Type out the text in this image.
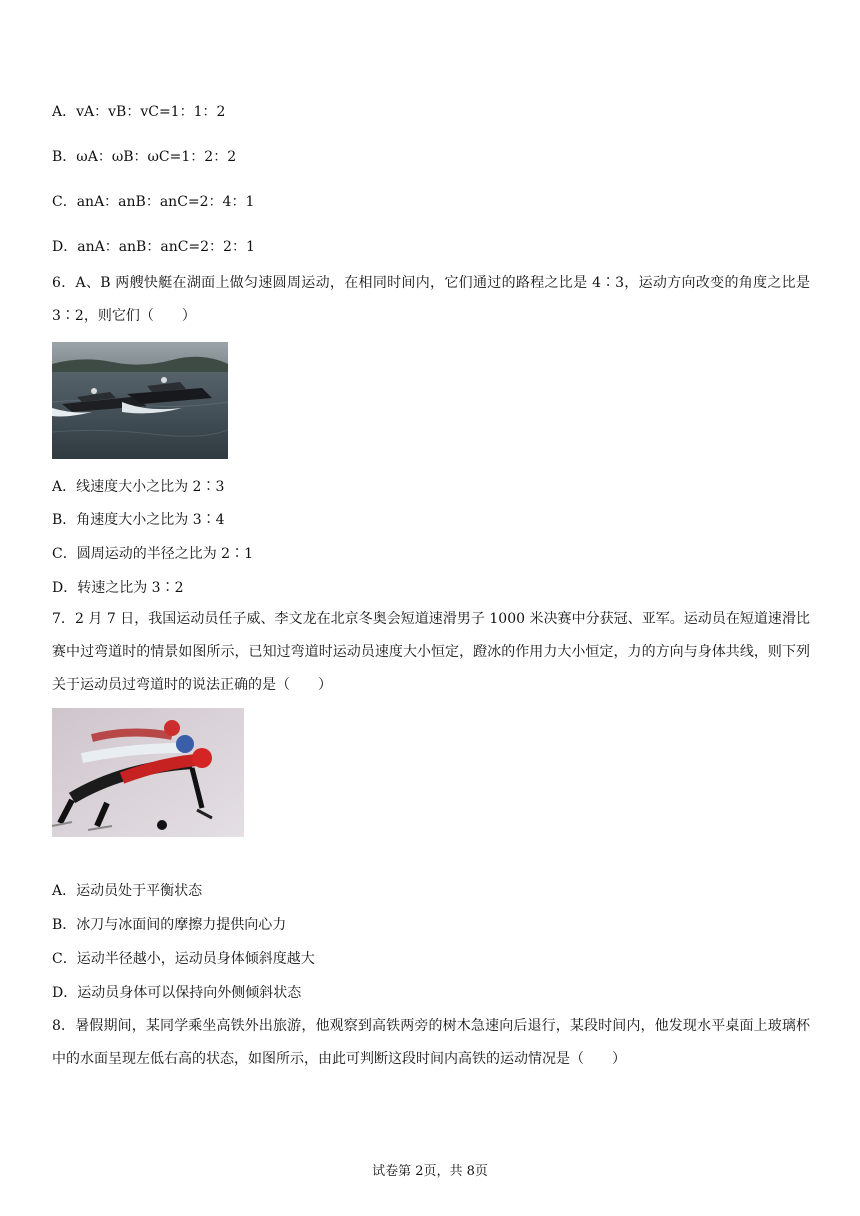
A．vA：vB：vC=1：1：2
B．ωA：ωB：ωC=1：2：2
C．anA：anB：anC=2：4：1
D．anA：anB：anC=2：2：1
6．A、B 两艘快艇在湖面上做匀速圆周运动，在相同时间内，它们通过的路程之比是 4∶3，运动方向改变的角度之比是 3∶2，则它们（　　）
A．线速度大小之比为 2∶3
B．角速度大小之比为 3∶4
C．圆周运动的半径之比为 2∶1
D．转速之比为 3∶2
7．2 月 7 日，我国运动员任子威、李文龙在北京冬奥会短道速滑男子 1000 米决赛中分获冠、亚军。运动员在短道速滑比赛中过弯道时的情景如图所示，已知过弯道时运动员速度大小恒定，蹬冰的作用力大小恒定，力的方向与身体共线，则下列关于运动员过弯道时的说法正确的是（　　）
A．运动员处于平衡状态
B．冰刀与冰面间的摩擦力提供向心力
C．运动半径越小，运动员身体倾斜度越大
D．运动员身体可以保持向外侧倾斜状态
8．暑假期间，某同学乘坐高铁外出旅游，他观察到高铁两旁的树木急速向后退行，某段时间内，他发现水平桌面上玻璃杯中的水面呈现左低右高的状态，如图所示，由此可判断这段时间内高铁的运动情况是（　　）
试卷第 2页，共 8页
